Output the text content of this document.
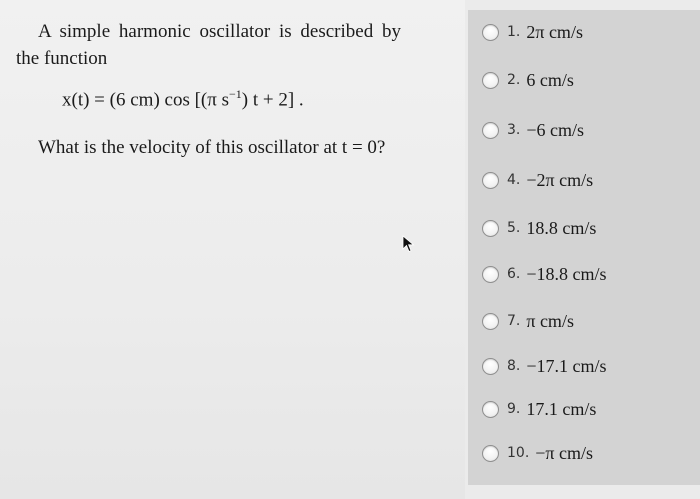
A simple harmonic oscillator is described by the function
x(t) = (6 cm) cos [(π $s^{-1}$) t + 2] .
What is the velocity of this oscillator at t = 0?
1. 2π cm/s
2. 6 cm/s
3. −6 cm/s
4. −2π cm/s
5. 18.8 cm/s
6. −18.8 cm/s
7. π cm/s
8. −17.1 cm/s
9. 17.1 cm/s
10. −π cm/s
